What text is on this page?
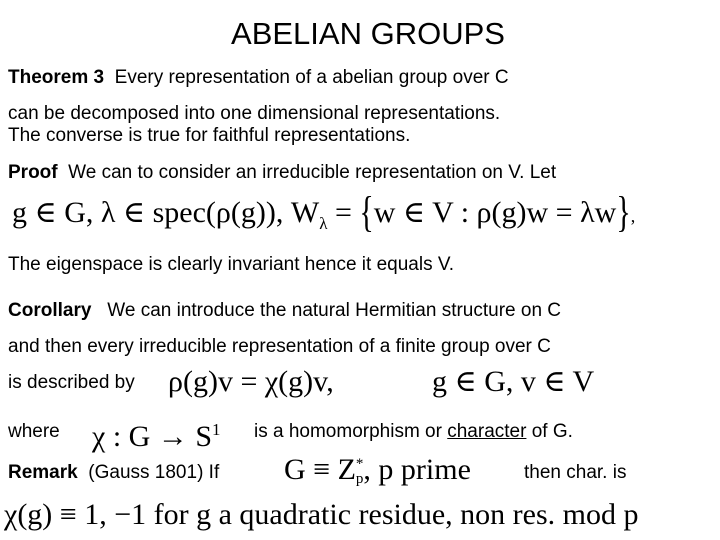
ABELIAN GROUPS
Theorem 3 Every representation of a abelian group over C
can be decomposed into one dimensional representations.
The converse is true for faithful representations.
Proof We can to consider an irreducible representation on V. Let
g ∈ G, λ ∈ spec(ρ(g)), $W_\lambda = \{w$ ∈ V : ρ(g)w = λw},
The eigenspace is clearly invariant hence it equals V.
Corollary We can introduce the natural Hermitian structure on C
and then every irreducible representation of a finite group over C
is described by ρ(g)v = χ(g)v,	g ∈ G, v ∈ V
where χ : $G \to S^1$ is a homomorphism or character of G.
Remark (Gauss 1801) If G ≡ Z *
p , p prime	then char. is
χ(g) ≡ 1, −1 for g a quadratic residue, non res. mod p
